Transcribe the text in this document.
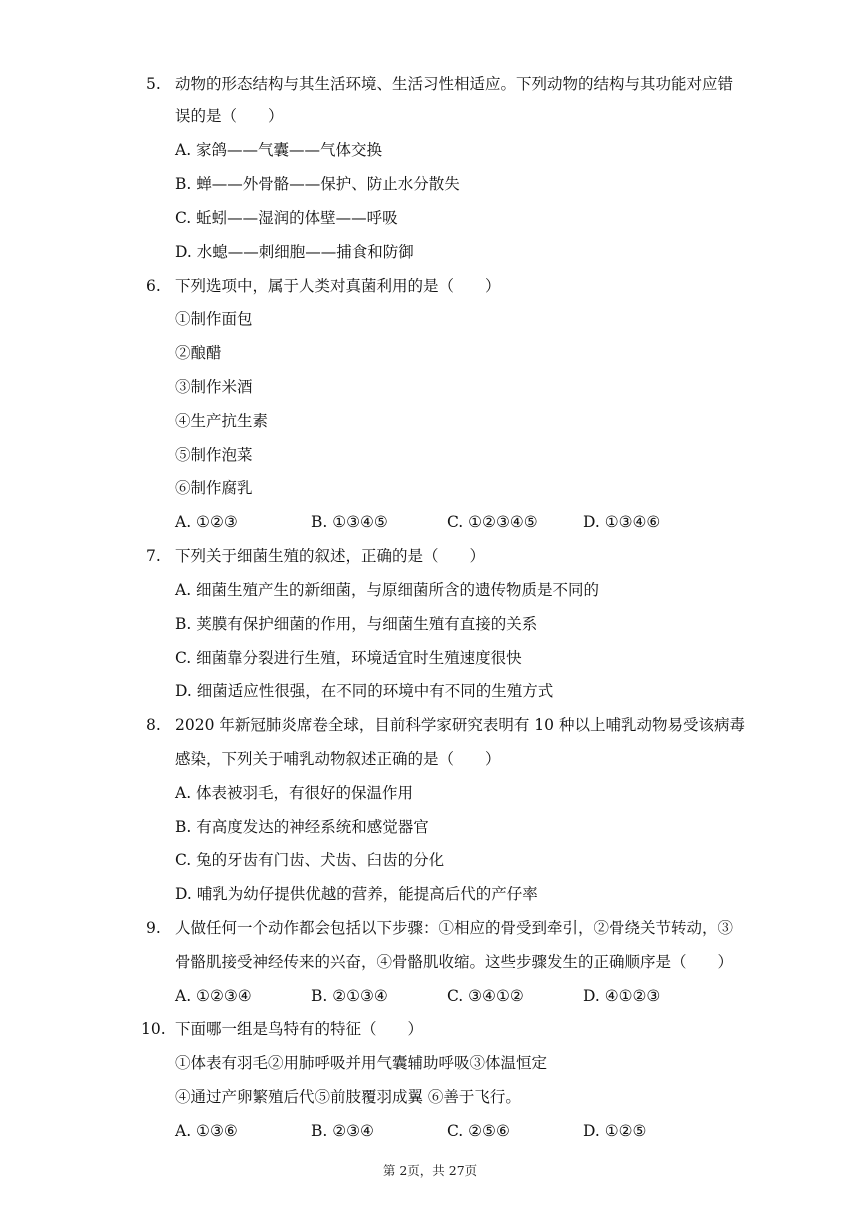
5. 动物的形态结构与其生活环境、生活习性相适应。下列动物的结构与其功能对应错
误的是（　　）
A. 家鸽——气囊——气体交换
B. 蝉——外骨骼——保护、防止水分散失
C. 蚯蚓——湿润的体壁——呼吸
D. 水螅——刺细胞——捕食和防御
6. 下列选项中，属于人类对真菌利用的是（　　）
①制作面包
②酿醋
③制作米酒
④生产抗生素
⑤制作泡菜
⑥制作腐乳
A. ①②③	B. ①③④⑤	C. ①②③④⑤	D. ①③④⑥
7. 下列关于细菌生殖的叙述，正确的是（　　）
A. 细菌生殖产生的新细菌，与原细菌所含的遗传物质是不同的
B. 荚膜有保护细菌的作用，与细菌生殖有直接的关系
C. 细菌靠分裂进行生殖，环境适宜时生殖速度很快
D. 细菌适应性很强，在不同的环境中有不同的生殖方式
8. 2020 年新冠肺炎席卷全球，目前科学家研究表明有 10 种以上哺乳动物易受该病毒
感染，下列关于哺乳动物叙述正确的是（　　）
A. 体表被羽毛，有很好的保温作用
B. 有高度发达的神经系统和感觉器官
C. 兔的牙齿有门齿、犬齿、臼齿的分化
D. 哺乳为幼仔提供优越的营养，能提高后代的产仔率
9. 人做任何一个动作都会包括以下步骤：①相应的骨受到牵引，②骨绕关节转动，③
骨骼肌接受神经传来的兴奋，④骨骼肌收缩。这些步骤发生的正确顺序是（　　）
A. ①②③④	B. ②①③④	C. ③④①②	D. ④①②③
10. 下面哪一组是鸟特有的特征（　　）
①体表有羽毛②用肺呼吸并用气囊辅助呼吸③体温恒定
④通过产卵繁殖后代⑤前肢覆羽成翼 ⑥善于飞行。
A. ①③⑥	B. ②③④	C. ②⑤⑥	D. ①②⑤
第 2页，共 27页
